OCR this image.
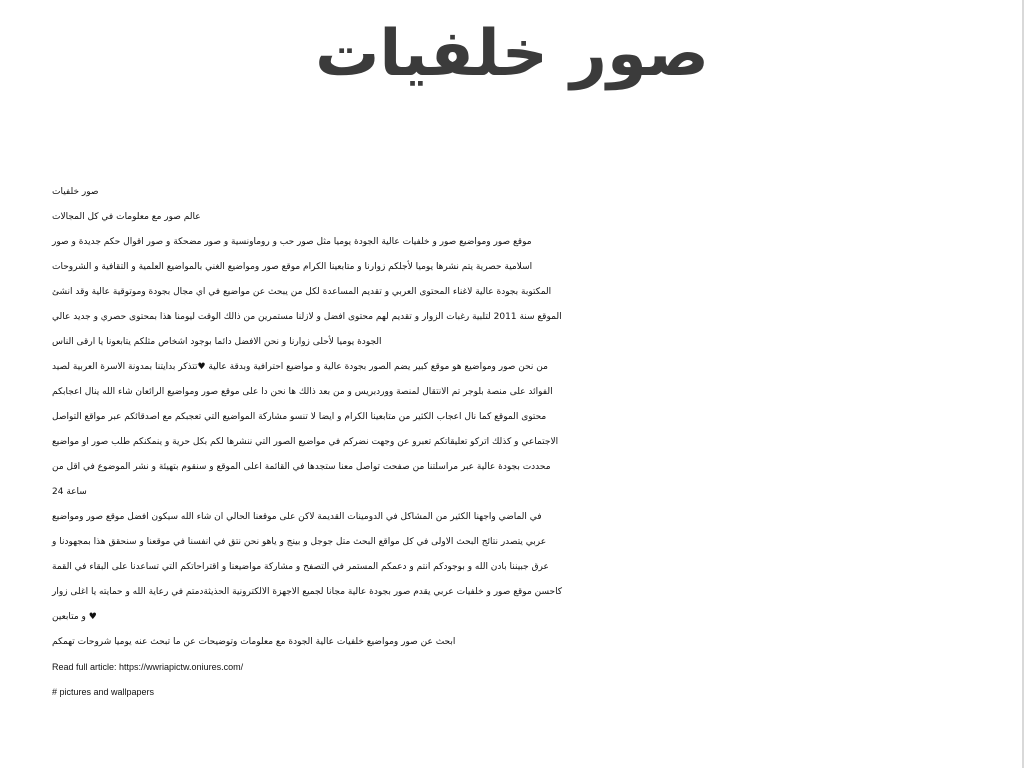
صور خلفيات
صور خلفيات
عالم صور مع معلومات في كل المجالات
موقع صور ومواضيع صور و خلفيات عالية الجودة يوميا مثل صور حب و روماونسية و صور مضحكة و صور اقوال حكم جديدة و صور
اسلامية حصرية يتم نشرها يوميا لأجلكم زوارنا و متابعينا الكرام موقع صور ومواضيع الغني بالمواضيع العلمية و التقافية و الشروحات
المكتوبة بجودة عالية لاغناء المحتوى العربي و تقديم المساعدة لكل من يبحث عن مواضيع في اي مجال بجودة وموتوقية عالية وقد انشئ
الموقع سنة 2011 لتلبية رغبات الزوار و تقديم لهم محتوى افضل و لازلنا مستمرين من ذالك الوقت ليومنا هذا بمحتوى حصري و جديد عالي
الجودة يوميا لأحلى زوارنا و نحن الافضل دائما بوجود اشخاص مثلكم يتابعونا يا ارقى الناس
من نحن صور ومواضيع هو موقع كبير يضم الصور بجودة عالية و مواضيع احترافية وبدقة عالية ♥تتذكر بدايتنا بمدونة الاسرة العربية لصيد
الفوائد على منصة بلوجر تم الانتقال لمنصة ووردبريس و من بعد ذالك ها نحن دا على موقع صور ومواضيع الرائعان شاء الله ينال اعجابكم
محتوى الموقع كما نال اعجاب الكثير من متابعينا الكرام و ايضا لا تنسو مشاركة المواضيع التي تعجبكم مع اصدقائكم عبر مواقع التواصل
الاجتماعي و كذلك اتركو تعليقاتكم تعبرو عن وجهت نضركم في مواضيع الصور التي ننشرها لكم بكل حرية و ينمكنكم طلب صور او مواضيع
محددت بجودة عالية عبر مراسلتنا من صفحت تواصل معنا ستجدها في القائمة اعلى الموقع و سنقوم بتهيئة و نشر الموضوع في اقل من
24 ساعة
في الماضي واجهنا الكثير من المشاكل في الدومينات القديمة لاكن على موقعنا الحالي ان شاء الله سيكون افضل موقع صور ومواضيع
عربي يتصدر نتائج البحث الاولى في كل مواقع البحث متل جوجل و بينج و ياهو نحن نتق في انفسنا في موقعنا و سنحقق هذا بمجهودنا و
عرق جبيننا بادن الله و بوجودكم انتم و دعمكم المستمر في التصفح و مشاركة مواضيعنا و اقتراحاتكم التي تساعدنا على البقاء في القمة
كاحسن موقع صور و خلفيات عربي يقدم صور بجودة عالية مجانا لجميع الاجهزة الالكترونية الحذيثةدمتم في رعاية الله و حمايته يا اغلى زوار
و متابعين ♥
ابحث عن صور ومواضيع خلفيات عالية الجودة مع معلومات وتوضيحات عن ما تبحث عنه يوميا شروحات تهمكم
Read full article: https://wwriapictw.oniures.com/
# pictures and wallpapers
